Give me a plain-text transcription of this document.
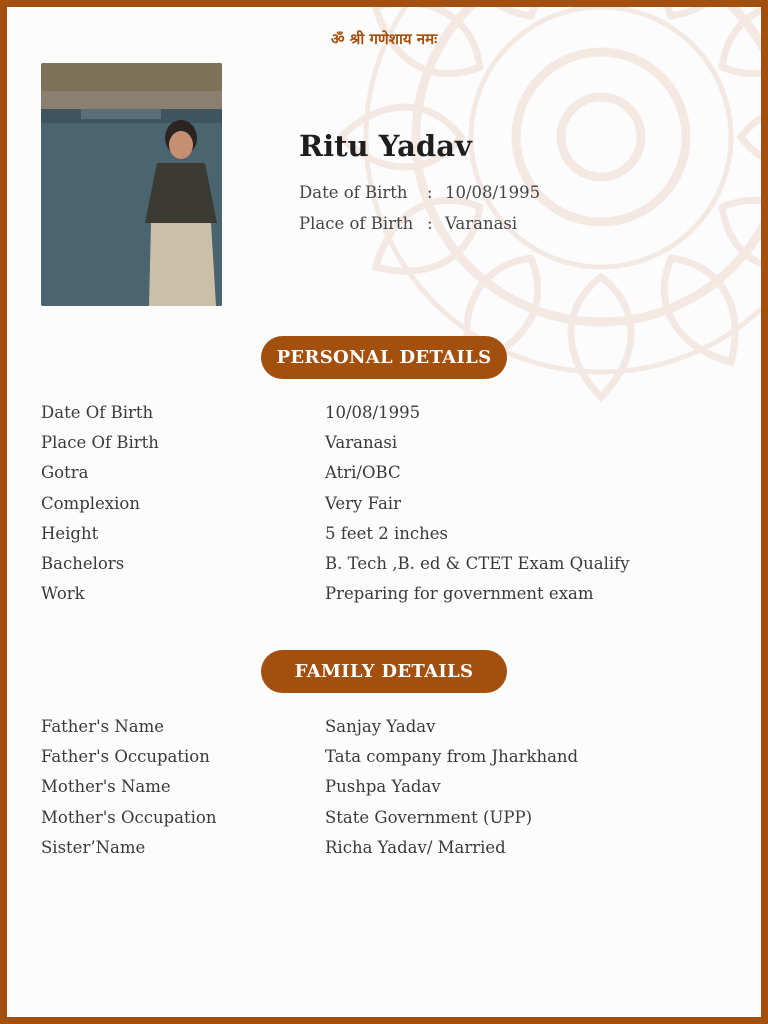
ॐ श्री गणेशाय नमः
Ritu Yadav
Date of Birth	: 10/08/1995
Place of Birth : Varanasi
PERSONAL DETAILS
Date Of Birth	10/08/1995
Place Of Birth	Varanasi
Gotra	Atri/OBC
Complexion	Very Fair
Height	5 feet 2 inches
Bachelors	B. Tech ,B. ed & CTET Exam Qualify
Work	Preparing for government exam
FAMILY DETAILS
Father's Name	Sanjay Yadav
Father's Occupation	Tata company from Jharkhand
Mother's Name	Pushpa Yadav
Mother's Occupation	State Government (UPP)
Sister’Name	Richa Yadav/ Married
